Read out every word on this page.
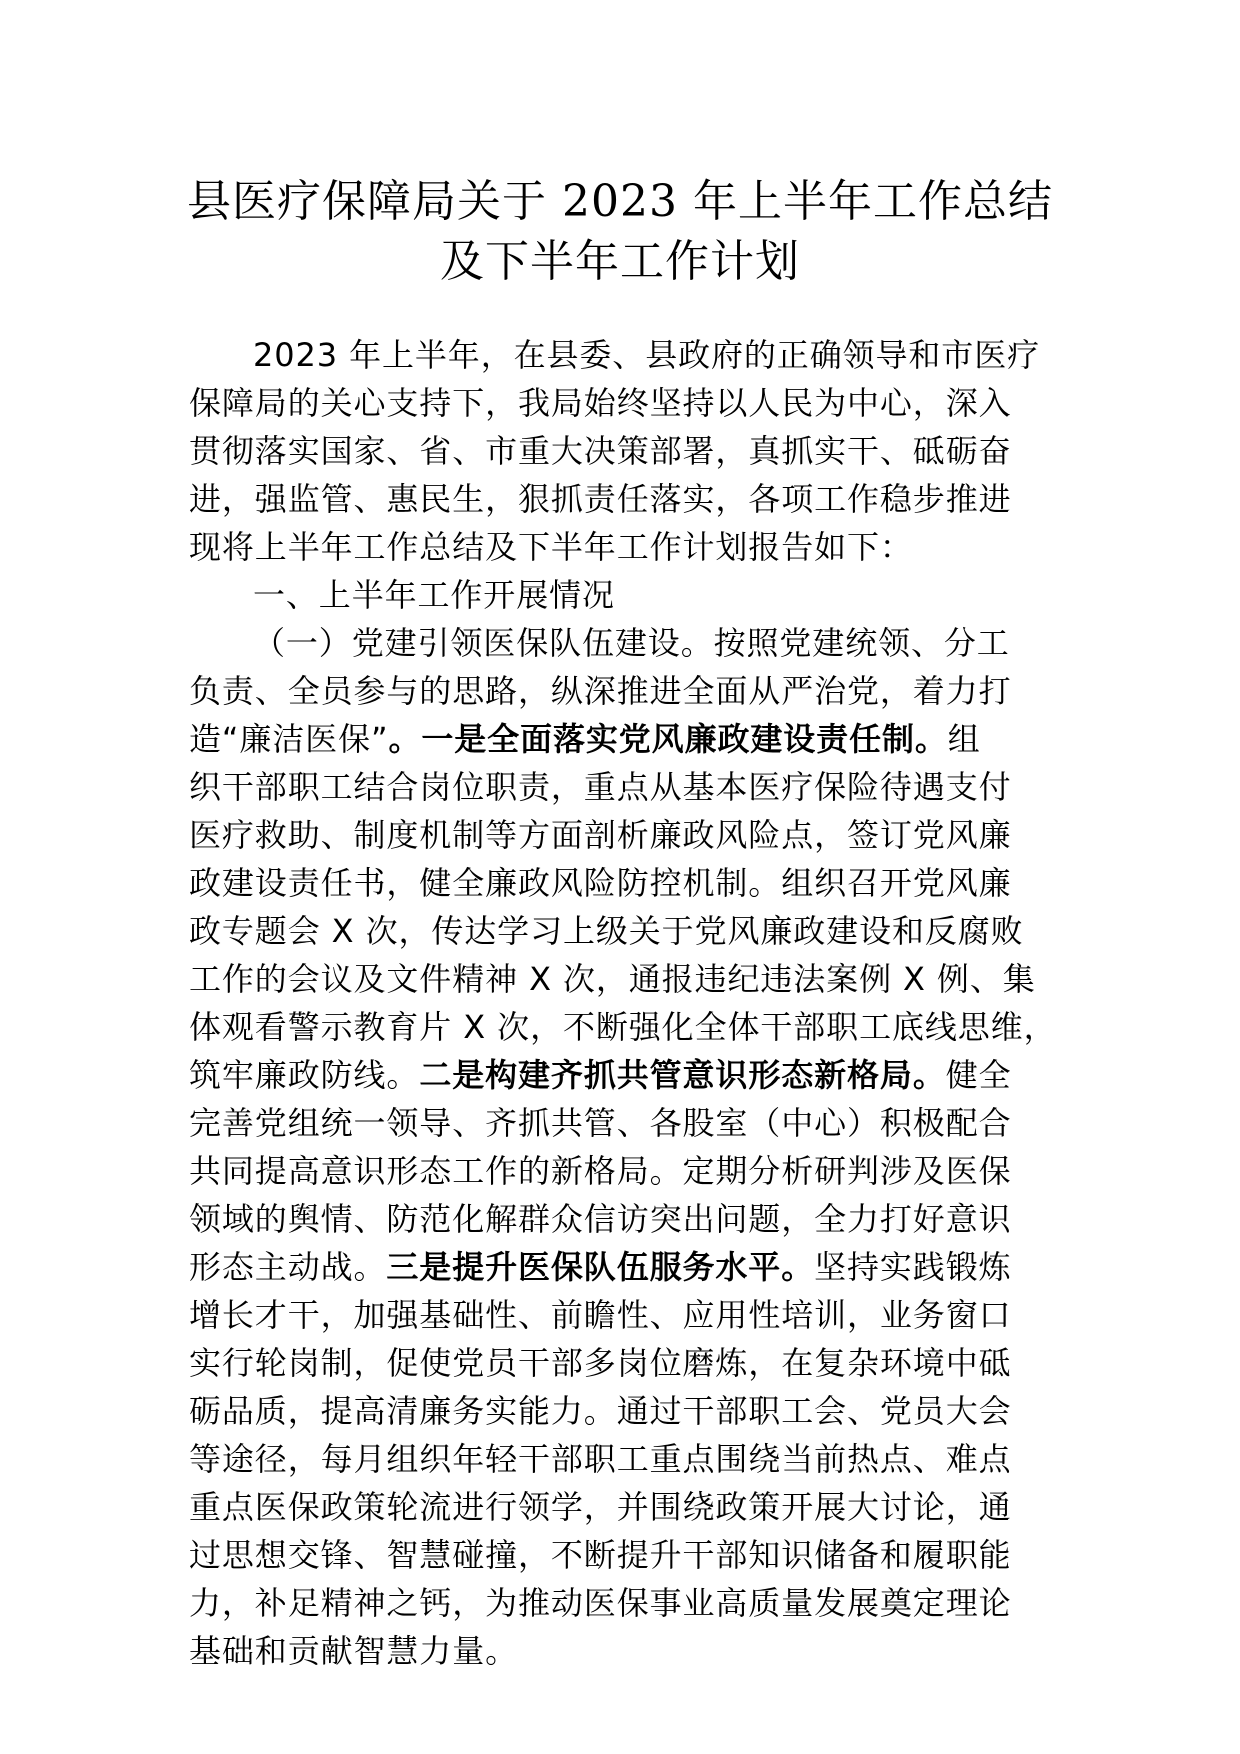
县医疗保障局关于 2023 年上半年工作总结
及下半年工作计划
2023 年上半年，在县委、县政府的正确领导和市医疗
保障局的关心支持下，我局始终坚持以人民为中心，深入
贯彻落实国家、省、市重大决策部署，真抓实干、砥砺奋
进，强监管、惠民生，狠抓责任落实，各项工作稳步推进
现将上半年工作总结及下半年工作计划报告如下：
一、上半年工作开展情况
（一）党建引领医保队伍建设。按照党建统领、分工
负责、全员参与的思路，纵深推进全面从严治党，着力打
造“廉洁医保”。一是全面落实党风廉政建设责任制。组
织干部职工结合岗位职责，重点从基本医疗保险待遇支付
医疗救助、制度机制等方面剖析廉政风险点，签订党风廉
政建设责任书，健全廉政风险防控机制。组织召开党风廉
政专题会 X 次，传达学习上级关于党风廉政建设和反腐败
工作的会议及文件精神 X 次，通报违纪违法案例 X 例、集
体观看警示教育片 X 次，不断强化全体干部职工底线思维，
筑牢廉政防线。二是构建齐抓共管意识形态新格局。健全
完善党组统一领导、齐抓共管、各股室（中心）积极配合
共同提高意识形态工作的新格局。定期分析研判涉及医保
领域的舆情、防范化解群众信访突出问题，全力打好意识
形态主动战。三是提升医保队伍服务水平。坚持实践锻炼
增长才干，加强基础性、前瞻性、应用性培训，业务窗口
实行轮岗制，促使党员干部多岗位磨炼，在复杂环境中砥
砺品质，提高清廉务实能力。通过干部职工会、党员大会
等途径，每月组织年轻干部职工重点围绕当前热点、难点
重点医保政策轮流进行领学，并围绕政策开展大讨论，通
过思想交锋、智慧碰撞，不断提升干部知识储备和履职能
力，补足精神之钙，为推动医保事业高质量发展奠定理论
基础和贡献智慧力量。
